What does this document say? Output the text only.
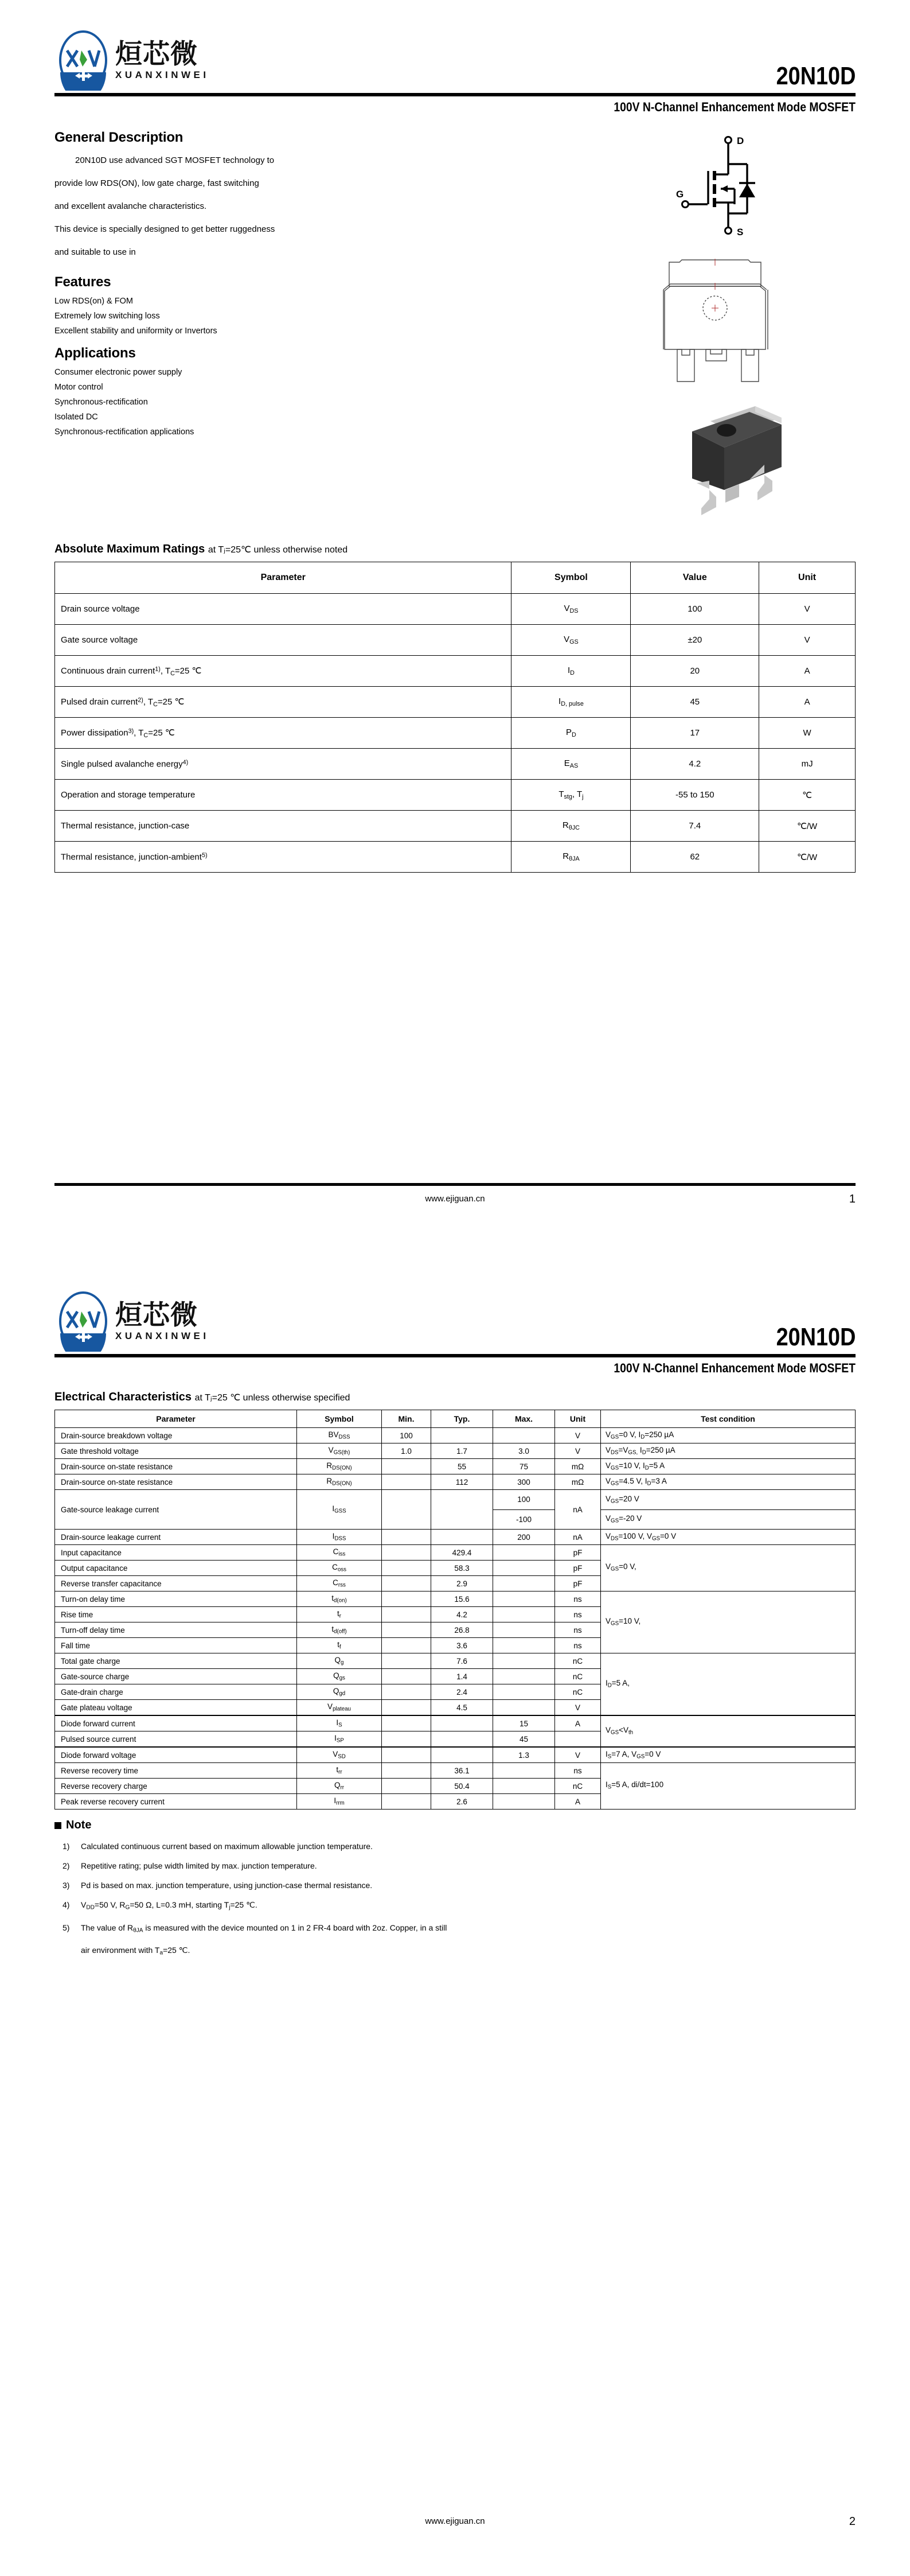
烜芯微
XUANXINWEI	20N10D
100V N-Channel Enhancement Mode MOSFET
D
G
S
General Description
20N10D use advanced SGT MOSFET technology to
provide low RDS(ON), low gate charge, fast switching
and excellent avalanche characteristics.
This device is specially designed to get better ruggedness
and suitable to use in
Features
Low RDS(on) & FOM
Extremely low switching loss
Excellent stability and uniformity or Invertors
Applications
Consumer electronic power supply
Motor control
Synchronous-rectification
Isolated DC
Synchronous-rectification applications
Absolute Maximum Ratings at Tⱼ=25℃ unless otherwise noted
Parameter	Symbol	Value	Unit
Drain source voltage	$V_{DS}$	100	V
Gate source voltage	$V_{GS}$	±20	V
Continuous drain current$^{1)}$, $T_C=25$ ℃	$I_D$	20	A
Pulsed drain current$^{2)}$, $T_C=25$ ℃	$I_{D, pulse}$	45	A
Power dissipation$^{3)}$, $T_C=25$ ℃	$P_D$	17	W
Single pulsed avalanche energy$^{4)}$	$E_{AS}$	4.2	mJ
Operation and storage temperature	$T_{stg}$, $T_j$	-55 to 150	℃
Thermal resistance, junction-case	$R_{\theta JC}$	7.4	℃/W
Thermal resistance, junction-ambient$^{5)}$	$R_{\theta JA}$	62	℃/W
www.ejiguan.cn	1
烜芯微
XUANXINWEI	20N10D
100V N-Channel Enhancement Mode MOSFET
Electrical Characteristics at Tⱼ=25 ℃ unless otherwise specified
Parameter	Symbol	Min.	Typ.	Max.	Unit	Test condition
Drain-source breakdown voltage	$BV_{DSS}$	100			V	$V_{GS}=0$ V, $I_D=250$ µA
Gate threshold voltage	$V_{GS(th)}$	1.0	1.7	3.0	V	$V_{DS}=V_{GS,}$ $I_D=250$ µA
Drain-source on-state resistance	$R_{DS(ON)}$		55	75	mΩ	$V_{GS}=10$ V, $I_D=5$ A
Drain-source on-state resistance	$R_{DS(ON)}$		112	300	mΩ	$V_{GS}=4.5$ V, $I_D=3$ A
Gate-source leakage current	$I_{GSS}$			100	nA	$V_{GS}=20$ V
				-100		$V_{GS}=-20$ V
Drain-source leakage current	$I_{DSS}$			200	nA	$V_{DS}=100$ V, $V_{GS}=0$ V
Input capacitance	$C_{iss}$		429.4		pF	$V_{GS}=0$ V,
Output capacitance	$C_{oss}$		58.3		pF	
Reverse transfer capacitance	$C_{rss}$		2.9		pF	
Turn-on delay time	$t_{d(on)}$		15.6		ns	$V_{GS}=10$ V,
Rise time	$t_r$		4.2		ns	
Turn-off delay time	$t_{d(off)}$		26.8		ns	
Fall time	$t_f$		3.6		ns	
Total gate charge	$Q_g$		7.6		nC	$I_D=5$ A,
Gate-source charge	$Q_{gs}$		1.4		nC	
Gate-drain charge	$Q_{gd}$		2.4		nC	
Gate plateau voltage	$V_{plateau}$		4.5		V	
Diode forward current	$I_S$			15	A	$V_{GS}<V_{th}$
Pulsed source current	$I_{SP}$			45		
Diode forward voltage	$V_{SD}$			1.3	V	$I_S=7$ A, $V_{GS}=0$ V
Reverse recovery time	$t_{rr}$		36.1		ns	$I_S=5$ A, di/dt=100
Reverse recovery charge	$Q_{rr}$		50.4		nC	
Peak reverse recovery current	$I_{rrm}$		2.6		A	
Note
1)	Calculated continuous current based on maximum allowable junction temperature.
2)	Repetitive rating; pulse width limited by max. junction temperature.
3)	Pd is based on max. junction temperature, using junction-case thermal resistance.
4)	$V_{DD}=50$ V, $R_G=50$ Ω, L=0.3 mH, starting $T_j=25$ ℃.
5)	The value of $R_{\theta JA}$ is measured with the device mounted on 1 in 2 FR-4 board with 2oz. Copper, in a still
air environment with $T_a=25$ ℃.
www.ejiguan.cn	2
